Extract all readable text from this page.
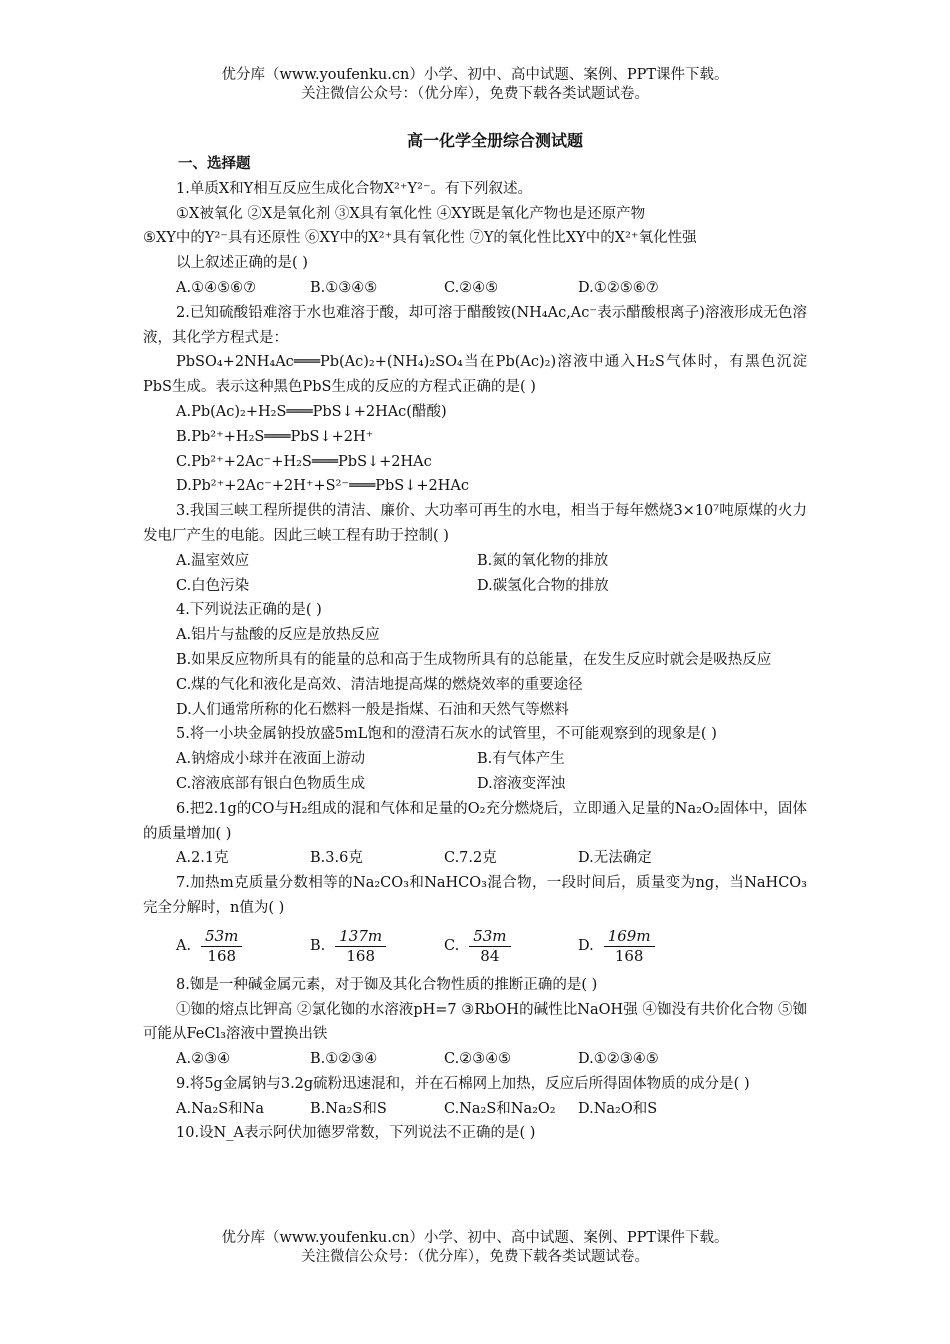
优分库（www.youfenku.cn）小学、初中、高中试题、案例、PPT课件下载。
关注微信公众号：（优分库），免费下载各类试题试卷。
高一化学全册综合测试题
一、选择题
1.单质X和Y相互反应生成化合物X²⁺Y²⁻。有下列叙述。
①X被氧化 ②X是氧化剂 ③X具有氧化性 ④XY既是氧化产物也是还原产物
⑤XY中的Y²⁻具有还原性 ⑥XY中的X²⁺具有氧化性 ⑦Y的氧化性比XY中的X²⁺氧化性强
以上叙述正确的是( )
A.①④⑤⑥⑦	B.①③④⑤	C.②④⑤	D.①②⑤⑥⑦
2.已知硫酸铅难溶于水也难溶于酸，却可溶于醋酸铵(NH₄Ac,Ac⁻表示醋酸根离子)溶液形成无色溶液，其化学方程式是：
PbSO₄+2NH₄Ac═══Pb(Ac)₂+(NH₄)₂SO₄当在Pb(Ac)₂)溶液中通入H₂S气体时，有黑色沉淀PbS生成。表示这种黑色PbS生成的反应的方程式正确的是( )
A.Pb(Ac)₂+H₂S═══PbS↓+2HAc(醋酸)
B.Pb²⁺+H₂S═══PbS↓+2H⁺
C.Pb²⁺+2Ac⁻+H₂S═══PbS↓+2HAc
D.Pb²⁺+2Ac⁻+2H⁺+S²⁻═══PbS↓+2HAc
3.我国三峡工程所提供的清洁、廉价、大功率可再生的水电，相当于每年燃烧3×10⁷吨原煤的火力发电厂产生的电能。因此三峡工程有助于控制( )
A.温室效应	B.氮的氧化物的排放
C.白色污染	D.碳氢化合物的排放
4.下列说法正确的是( )
A.铝片与盐酸的反应是放热反应
B.如果反应物所具有的能量的总和高于生成物所具有的总能量，在发生反应时就会是吸热反应
C.煤的气化和液化是高效、清洁地提高煤的燃烧效率的重要途径
D.人们通常所称的化石燃料一般是指煤、石油和天然气等燃料
5.将一小块金属钠投放盛5mL饱和的澄清石灰水的试管里，不可能观察到的现象是( )
A.钠熔成小球并在液面上游动	B.有气体产生
C.溶液底部有银白色物质生成	D.溶液变浑浊
6.把2.1g的CO与H₂组成的混和气体和足量的O₂充分燃烧后，立即通入足量的Na₂O₂固体中，固体的质量增加( )
A.2.1克	B.3.6克	C.7.2克	D.无法确定
7.加热m克质量分数相等的Na₂CO₃和NaHCO₃混合物，一段时间后，质量变为ng，当NaHCO₃完全分解时，n值为( )
A. $\frac{53m}{168}$	B. $\frac{137m}{168}$	C. $\frac{53m}{84}$	D. $\frac{169m}{168}$
8.铷是一种碱金属元素，对于铷及其化合物性质的推断正确的是( )
①铷的熔点比钾高 ②氯化铷的水溶液pH=7 ③RbOH的碱性比NaOH强 ④铷没有共价化合物 ⑤铷可能从FeCl₃溶液中置换出铁
A.②③④	B.①②③④	C.②③④⑤	D.①②③④⑤
9.将5g金属钠与3.2g硫粉迅速混和，并在石棉网上加热，反应后所得固体物质的成分是( )
A.Na₂S和Na	B.Na₂S和S	C.Na₂S和Na₂O₂	D.Na₂O和S
10.设N_A表示阿伏加德罗常数，下列说法不正确的是( )
优分库（www.youfenku.cn）小学、初中、高中试题、案例、PPT课件下载。
关注微信公众号：（优分库），免费下载各类试题试卷。
